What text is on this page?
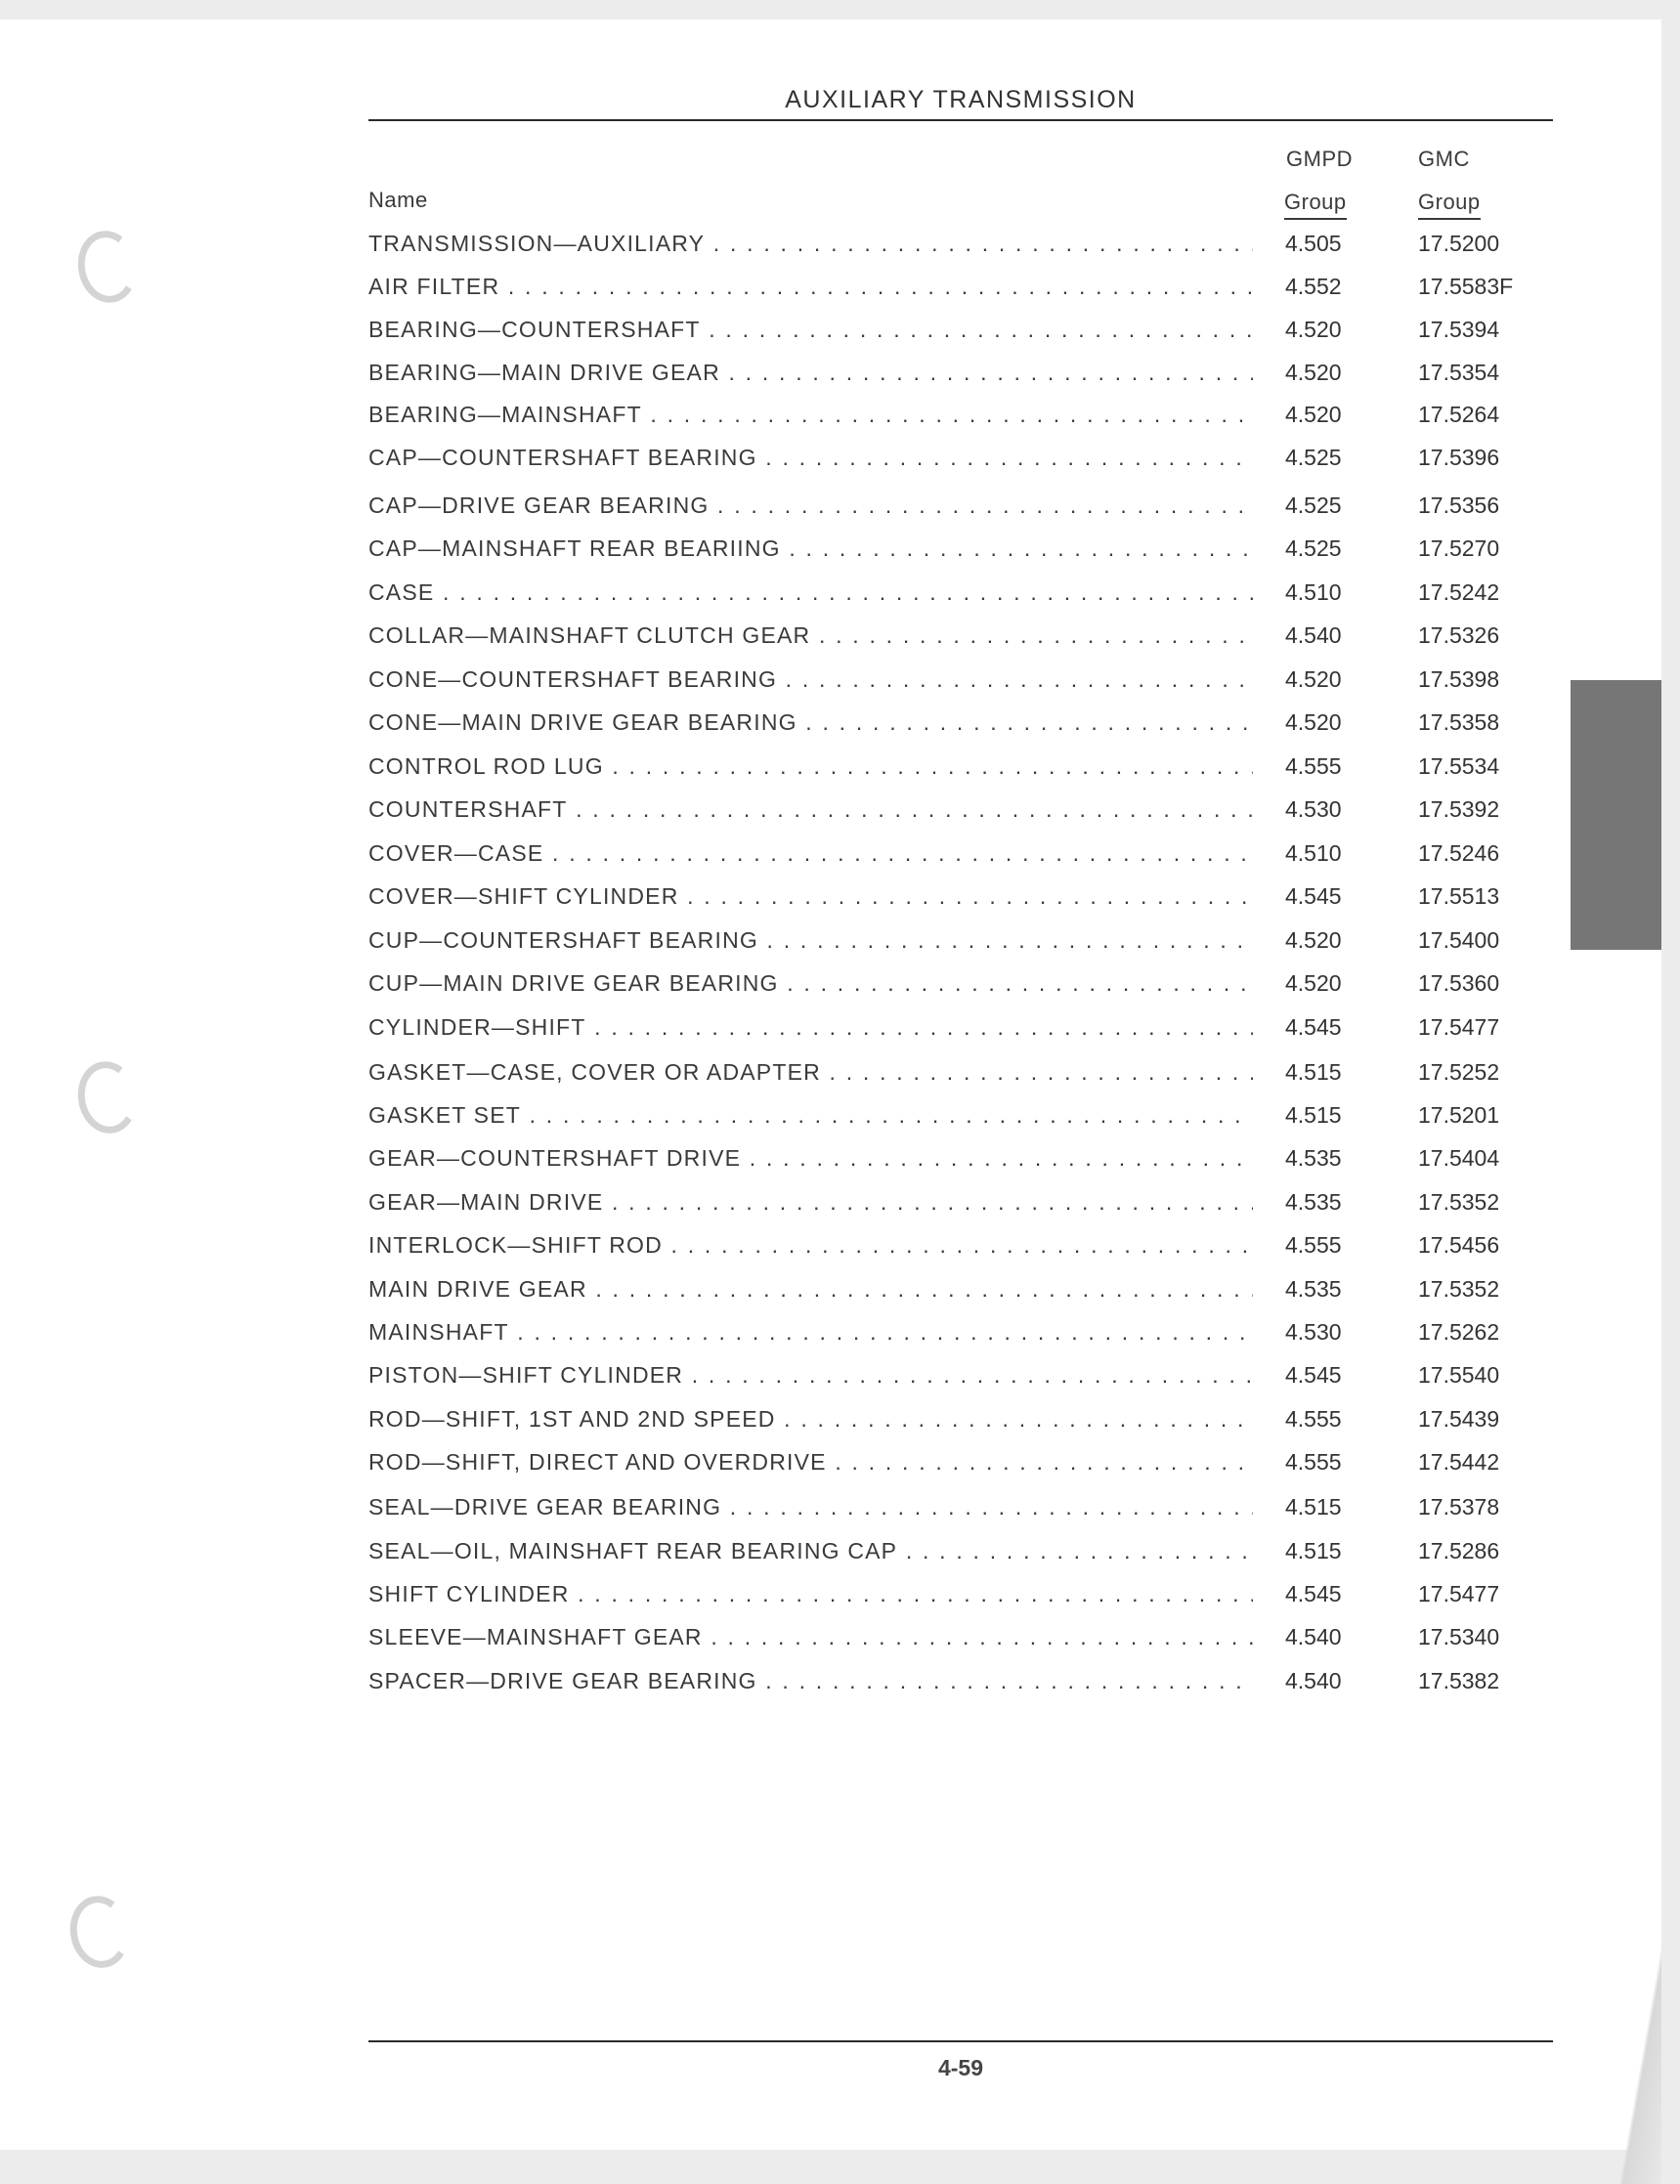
AUXILIARY TRANSMISSION
Name
GMPD
Group
GMC
Group
TRANSMISSION—AUXILIARY . . .	4.505	17.5200
AIR FILTER . . .	4.552	17.5583F
BEARING—COUNTERSHAFT . . .	4.520	17.5394
BEARING—MAIN DRIVE GEAR . . .	4.520	17.5354
BEARING—MAINSHAFT . . .	4.520	17.5264
CAP—COUNTERSHAFT BEARING . . .	4.525	17.5396
CAP—DRIVE GEAR BEARING . . .	4.525	17.5356
CAP—MAINSHAFT REAR BEARIING . . .	4.525	17.5270
CASE . . .	4.510	17.5242
COLLAR—MAINSHAFT CLUTCH GEAR . . .	4.540	17.5326
CONE—COUNTERSHAFT BEARING . . .	4.520	17.5398
CONE—MAIN DRIVE GEAR BEARING . . .	4.520	17.5358
CONTROL ROD LUG . . .	4.555	17.5534
COUNTERSHAFT . . .	4.530	17.5392
COVER—CASE . . .	4.510	17.5246
COVER—SHIFT CYLINDER . . .	4.545	17.5513
CUP—COUNTERSHAFT BEARING . . .	4.520	17.5400
CUP—MAIN DRIVE GEAR BEARING . . .	4.520	17.5360
CYLINDER—SHIFT . . .	4.545	17.5477
GASKET—CASE, COVER OR ADAPTER . . .	4.515	17.5252
GASKET SET . . .	4.515	17.5201
GEAR—COUNTERSHAFT DRIVE . . .	4.535	17.5404
GEAR—MAIN DRIVE . . .	4.535	17.5352
INTERLOCK—SHIFT ROD . . .	4.555	17.5456
MAIN DRIVE GEAR . . .	4.535	17.5352
MAINSHAFT . . .	4.530	17.5262
PISTON—SHIFT CYLINDER . . .	4.545	17.5540
ROD—SHIFT, 1ST AND 2ND SPEED . . .	4.555	17.5439
ROD—SHIFT, DIRECT AND OVERDRIVE . . .	4.555	17.5442
SEAL—DRIVE GEAR BEARING . . .	4.515	17.5378
SEAL—OIL, MAINSHAFT REAR BEARING CAP . . .	4.515	17.5286
SHIFT CYLINDER . . .	4.545	17.5477
SLEEVE—MAINSHAFT GEAR . . .	4.540	17.5340
SPACER—DRIVE GEAR BEARING . . .	4.540	17.5382
4-59
